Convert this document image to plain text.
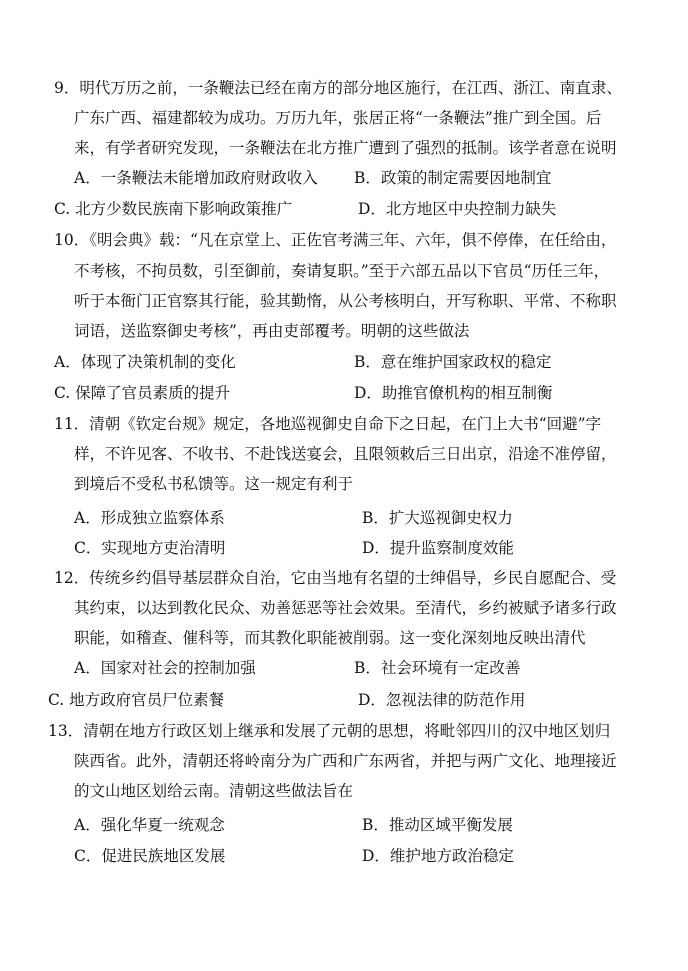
9．明代万历之前，一条鞭法已经在南方的部分地区施行，在江西、浙江、南直隶、
广东广西、福建都较为成功。万历九年，张居正将“一条鞭法”推广到全国。后
来，有学者研究发现，一条鞭法在北方推广遭到了强烈的抵制。该学者意在说明
A．一条鞭法未能增加政府财政收入 B．政策的制定需要因地制宜
C. 北方少数民族南下影响政策推广	D．北方地区中央控制力缺失
10．《明会典》载：“凡在京堂上、正佐官考满三年、六年，俱不停俸，在任给由，
不考核，不拘员数，引至御前，奏请复职。”至于六部五品以下官员“历任三年，
听于本衙门正官察其行能，验其勤惰，从公考核明白，开写称职、平常、不称职
词语，送监察御史考核”，再由吏部覆考。明朝的这些做法
A．体现了决策机制的变化	B．意在维护国家政权的稳定
C. 保障了官员素质的提升	D．助推官僚机构的相互制衡
11．清朝《钦定台规》规定，各地巡视御史自命下之日起，在门上大书“回避”字
样，不许见客、不收书、不赴饯送宴会，且限领敕后三日出京，沿途不准停留，
到境后不受私书私馈等。这一规定有利于
A．形成独立监察体系	B．扩大巡视御史权力
C．实现地方吏治清明	D．提升监察制度效能
12．传统乡约倡导基层群众自治，它由当地有名望的士绅倡导，乡民自愿配合、受
其约束，以达到教化民众、劝善惩恶等社会效果。至清代，乡约被赋予诸多行政
职能，如稽查、催科等，而其教化职能被削弱。这一变化深刻地反映出清代
A．国家对社会的控制加强	B．社会环境有一定改善
C. 地方政府官员尸位素餐	D．忽视法律的防范作用
13．清朝在地方行政区划上继承和发展了元朝的思想，将毗邻四川的汉中地区划归
陕西省。此外，清朝还将岭南分为广西和广东两省，并把与两广文化、地理接近
的文山地区划给云南。清朝这些做法旨在
A．强化华夏一统观念	B．推动区域平衡发展
C．促进民族地区发展	D．维护地方政治稳定
